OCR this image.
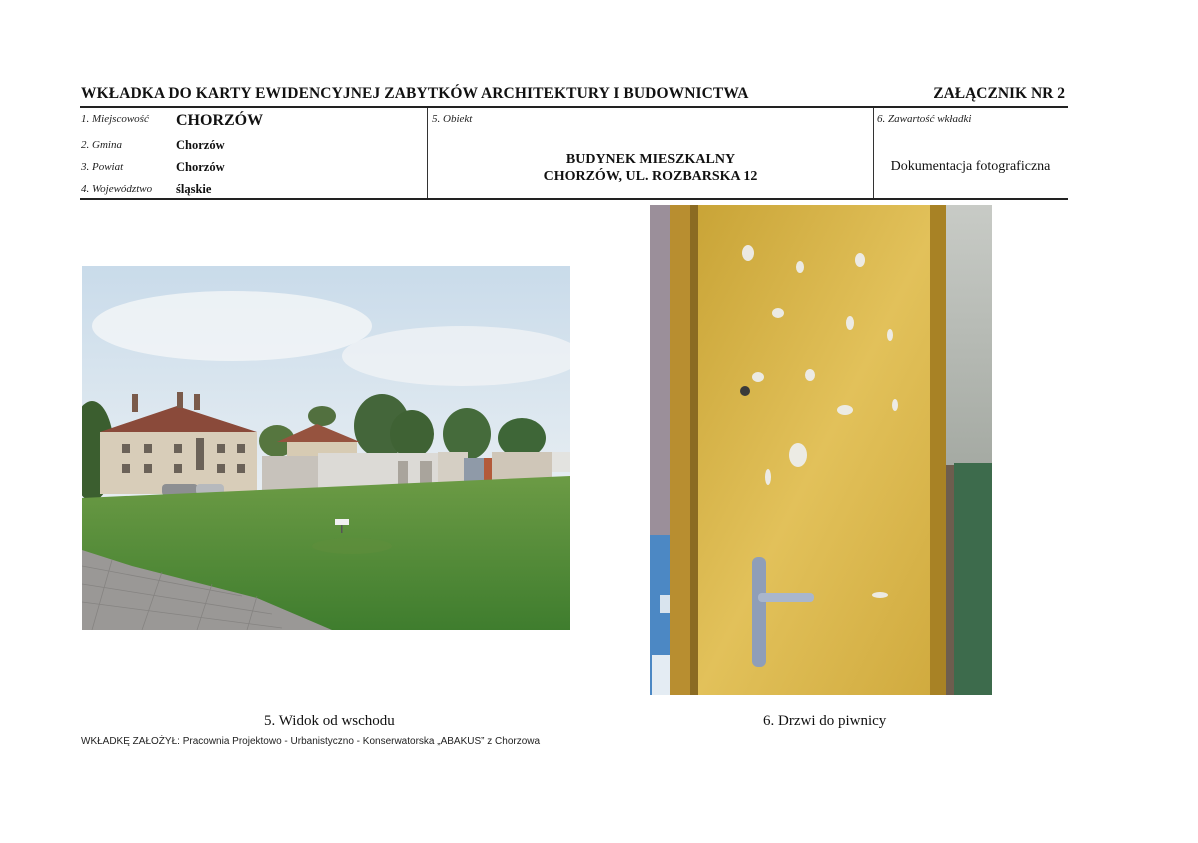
WKŁADKA DO KARTY EWIDENCYJNEJ ZABYTKÓW ARCHITEKTURY I BUDOWNICTWA	ZAŁĄCZNIK NR 2
1. Miejscowość CHORZÓW
2. Gmina	Chorzów
3. Powiat	Chorzów
4. Województwo śląskie
5. Obiekt
BUDYNEK MIESZKALNY
CHORZÓW, UL. ROZBARSKA 12
6. Zawartość wkładki
Dokumentacja fotograficzna
5. Widok od wschodu	6. Drzwi do piwnicy
WKŁADKĘ ZAŁOŻYŁ: Pracownia Projektowo - Urbanistyczno - Konserwatorska „ABAKUS” z Chorzowa
